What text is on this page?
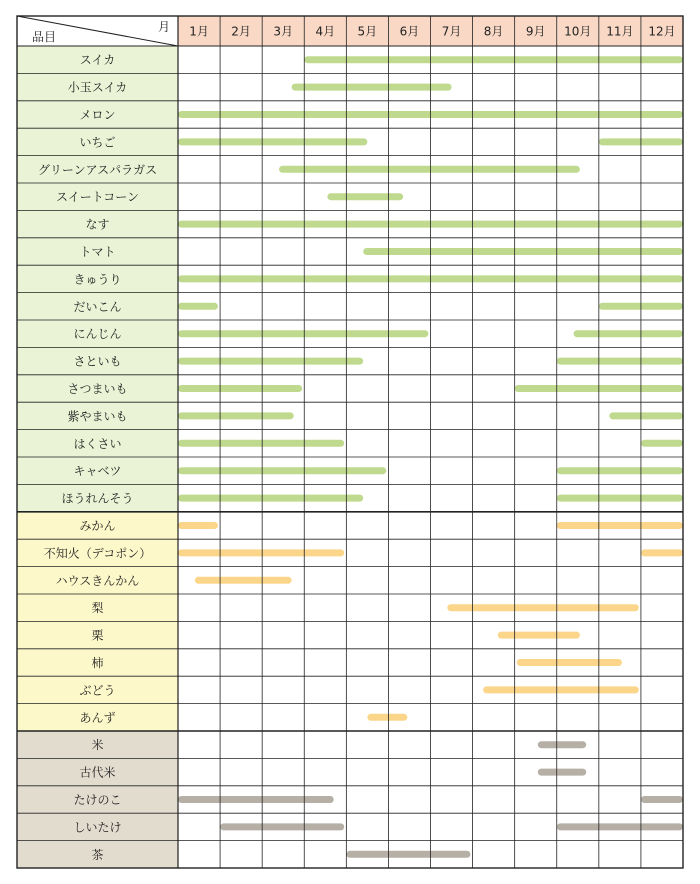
月
品目	1月 2月 3月 4月 5月 6月 7月 8月 9月 10月 11月 12月
スイカ
小玉スイカ
メロン
いちご
グリーンアスパラガス
スイートコーン
なす
トマト
きゅうり
だいこん
にんじん
さといも
さつまいも
紫やまいも
はくさい
キャベツ
ほうれんそう
みかん
不知火（デコポン）
ハウスきんかん
梨
栗
柿
ぶどう
あんず
米
古代米
たけのこ
しいたけ
茶
